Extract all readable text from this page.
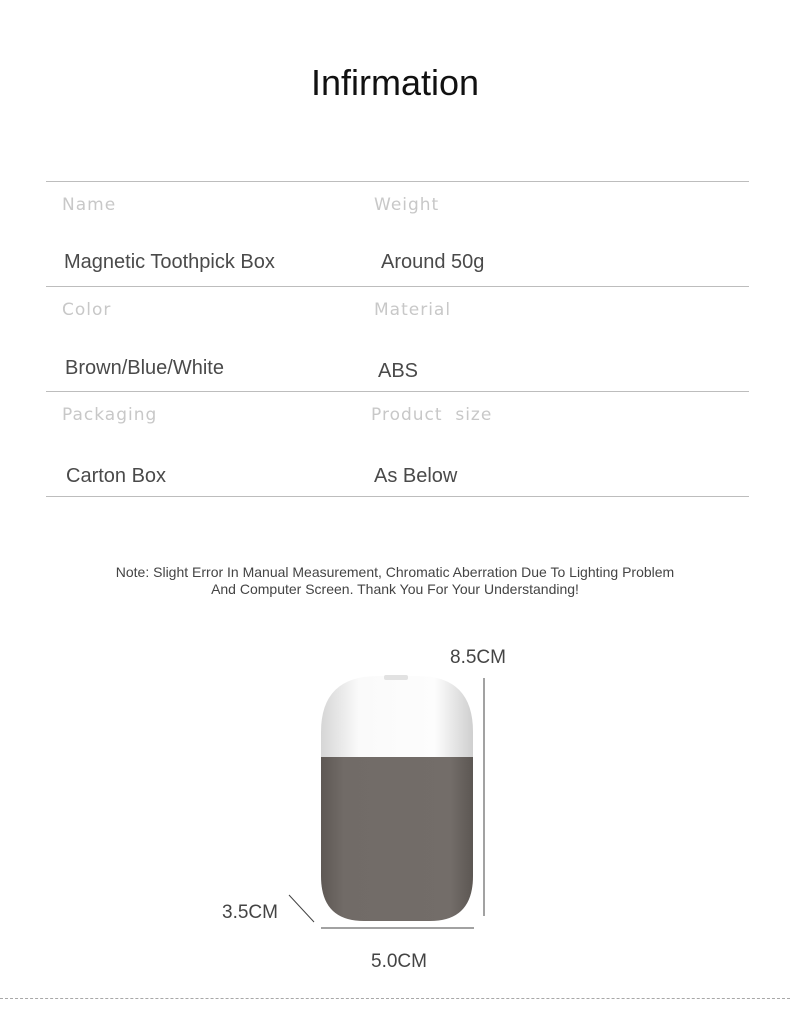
Infirmation
Name
Magnetic Toothpick Box
Weight
Around 50g
Color
Brown/Blue/White
Material
ABS
Packaging
Carton Box
Product  size
As Below
Note: Slight Error In Manual Measurement, Chromatic Aberration Due To Lighting Problem
And Computer Screen. Thank You For Your Understanding!
8.5CM
3.5CM
5.0CM
